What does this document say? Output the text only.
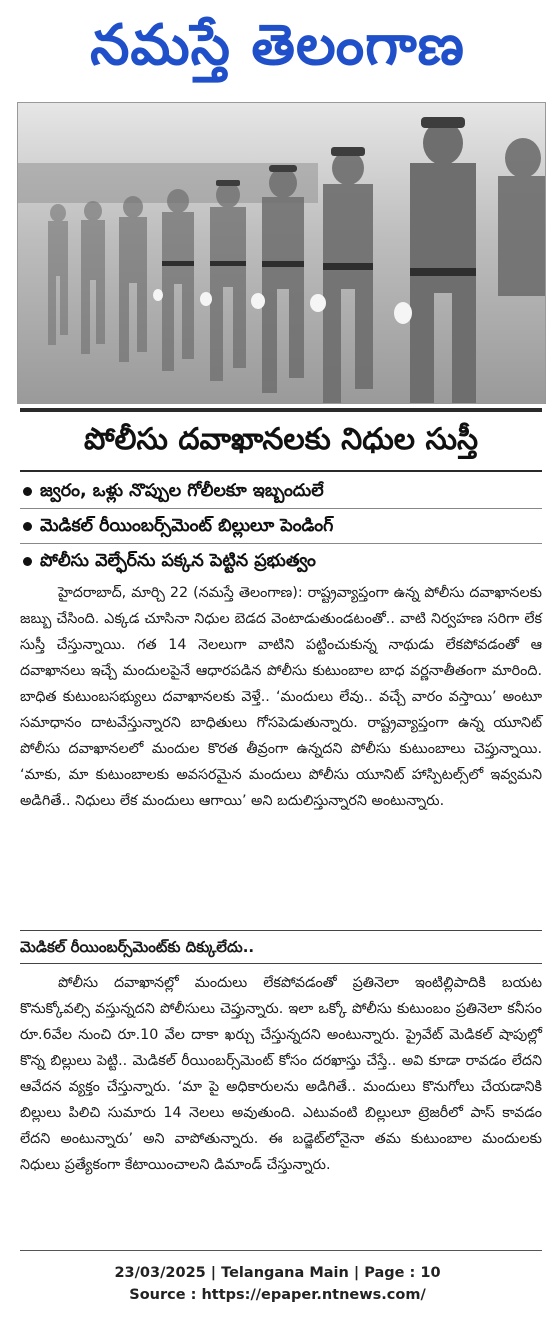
నమస్తే తెలంగాణ
పోలీసు దవాఖానలకు నిధుల సుస్తీ
జ్వరం, ఒళ్లు నొప్పుల గోలీలకూ ఇబ్బందులే
మెడికల్ రీయింబర్స్‌మెంట్ బిల్లులూ పెండింగ్
పోలీసు వెల్ఫేర్‌ను పక్కన పెట్టిన ప్రభుత్వం

హైదరాబాద్, మార్చి 22 (నమస్తే తెలంగాణ): రాష్ట్రవ్యాప్తంగా ఉన్న పోలీసు దవాఖానలకు జబ్బు చేసింది. ఎక్కడ చూసినా నిధుల బెడద వెంటాడుతుండటంతో.. వాటి నిర్వహణ సరిగా లేక సుస్తీ చేస్తున్నాయి. గత 14 నెలలుగా వాటిని పట్టించుకున్న నాథుడు లేకపోవడంతో ఆ దవాఖానలు ఇచ్చే మందులపైనే ఆధారపడిన పోలీసు కుటుంబాల బాధ వర్ణనాతీతంగా మారింది. బాధిత కుటుంబసభ్యులు దవాఖానలకు వెళ్తే.. ‘మందులు లేవు.. వచ్చే వారం వస్తాయి’ అంటూ సమాధానం దాటవేస్తున్నారని బాధితులు గోసపెడుతున్నారు. రాష్ట్రవ్యాప్తంగా ఉన్న యూనిట్ పోలీసు దవాఖానలలో మందుల కొరత తీవ్రంగా ఉన్నదని పోలీసు కుటుంబాలు చెప్తున్నాయి. ‘మాకు, మా కుటుంబాలకు అవసరమైన మందులు పోలీసు యూనిట్ హాస్పిటల్స్‌లో ఇవ్వమని అడిగితే.. నిధులు లేక మందులు ఆగాయి’ అని బదులిస్తున్నారని అంటున్నారు.

మెడికల్ రీయింబర్స్‌మెంట్‌కు దిక్కులేదు..

పోలీసు దవాఖానల్లో మందులు లేకపోవడంతో ప్రతినెలా ఇంటిల్లిపాదికి బయట కొనుక్కోవల్సి వస్తున్నదని పోలీసులు చెప్తున్నారు. ఇలా ఒక్కో పోలీసు కుటుంబం ప్రతినెలా కనీసం రూ.6వేల నుంచి రూ.10 వేల దాకా ఖర్చు చేస్తున్నదని అంటున్నారు. ప్రైవేట్ మెడికల్ షాపుల్లో కొన్న బిల్లులు పెట్టి.. మెడికల్ రీయింబర్స్‌మెంట్ కోసం దరఖాస్తు చేస్తే.. అవి కూడా రావడం లేదని ఆవేదన వ్యక్తం చేస్తున్నారు. ‘మా పై అధికారులను అడిగితే.. మందులు కొనుగోలు చేయడానికి బిల్లులు పిలిచి సుమారు 14 నెలలు అవుతుంది. ఎటువంటి బిల్లులూ ట్రెజరీలో పాస్ కావడం లేదని అంటున్నారు’ అని వాపోతున్నారు. ఈ బడ్జెట్‌లోనైనా తమ కుటుంబాల మందులకు నిధులు ప్రత్యేకంగా కేటాయించాలని డిమాండ్ చేస్తున్నారు.

23/03/2025 | Telangana Main | Page : 10
Source : https://epaper.ntnews.com/
